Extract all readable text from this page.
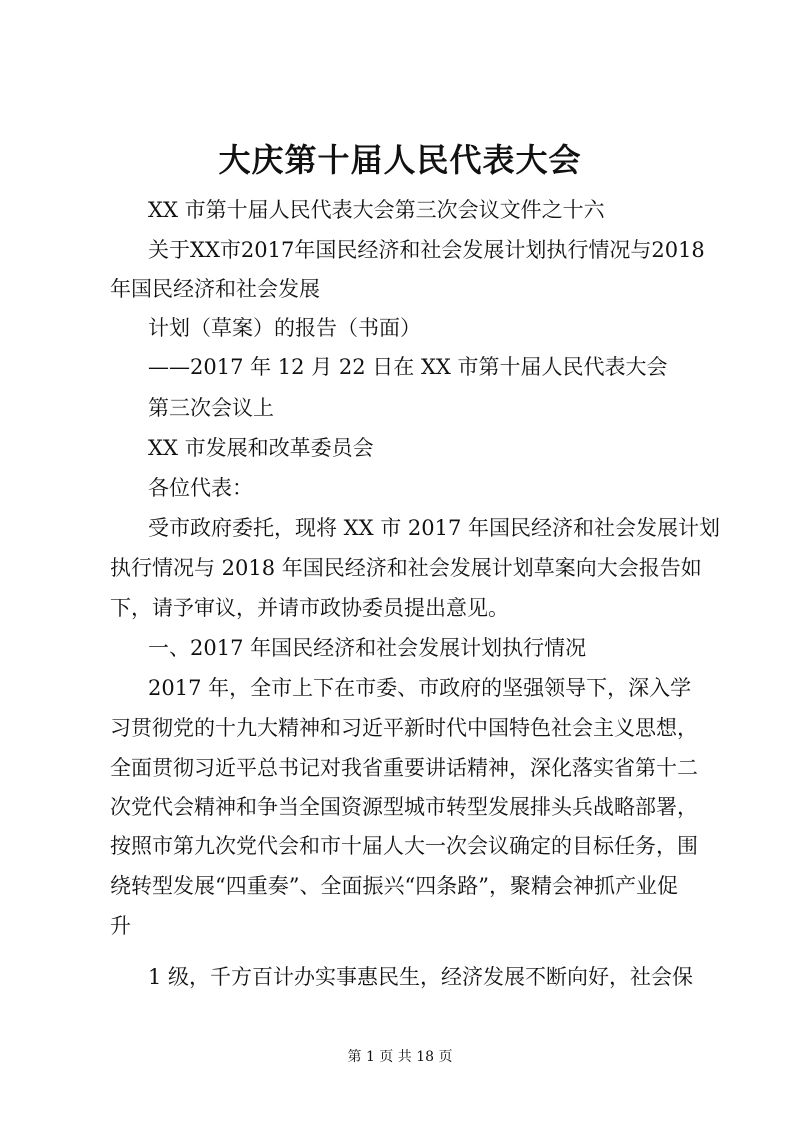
大庆第十届人民代表大会
XX 市第十届人民代表大会第三次会议文件之十六
关于XX市2017年国民经济和社会发展计划执行情况与2018
年国民经济和社会发展
计划（草案）的报告（书面）
——2017 年 12 月 22 日在 XX 市第十届人民代表大会
第三次会议上
XX 市发展和改革委员会
各位代表：
受市政府委托，现将 XX 市 2017 年国民经济和社会发展计划
执行情况与 2018 年国民经济和社会发展计划草案向大会报告如
下，请予审议，并请市政协委员提出意见。
一、2017 年国民经济和社会发展计划执行情况
2017 年，全市上下在市委、市政府的坚强领导下，深入学
习贯彻党的十九大精神和习近平新时代中国特色社会主义思想，
全面贯彻习近平总书记对我省重要讲话精神，深化落实省第十二
次党代会精神和争当全国资源型城市转型发展排头兵战略部署，
按照市第九次党代会和市十届人大一次会议确定的目标任务，围
绕转型发展“四重奏”、全面振兴“四条路”，聚精会神抓产业促
升
1 级，千方百计办实事惠民生，经济发展不断向好，社会保
第 1 页 共 18 页
